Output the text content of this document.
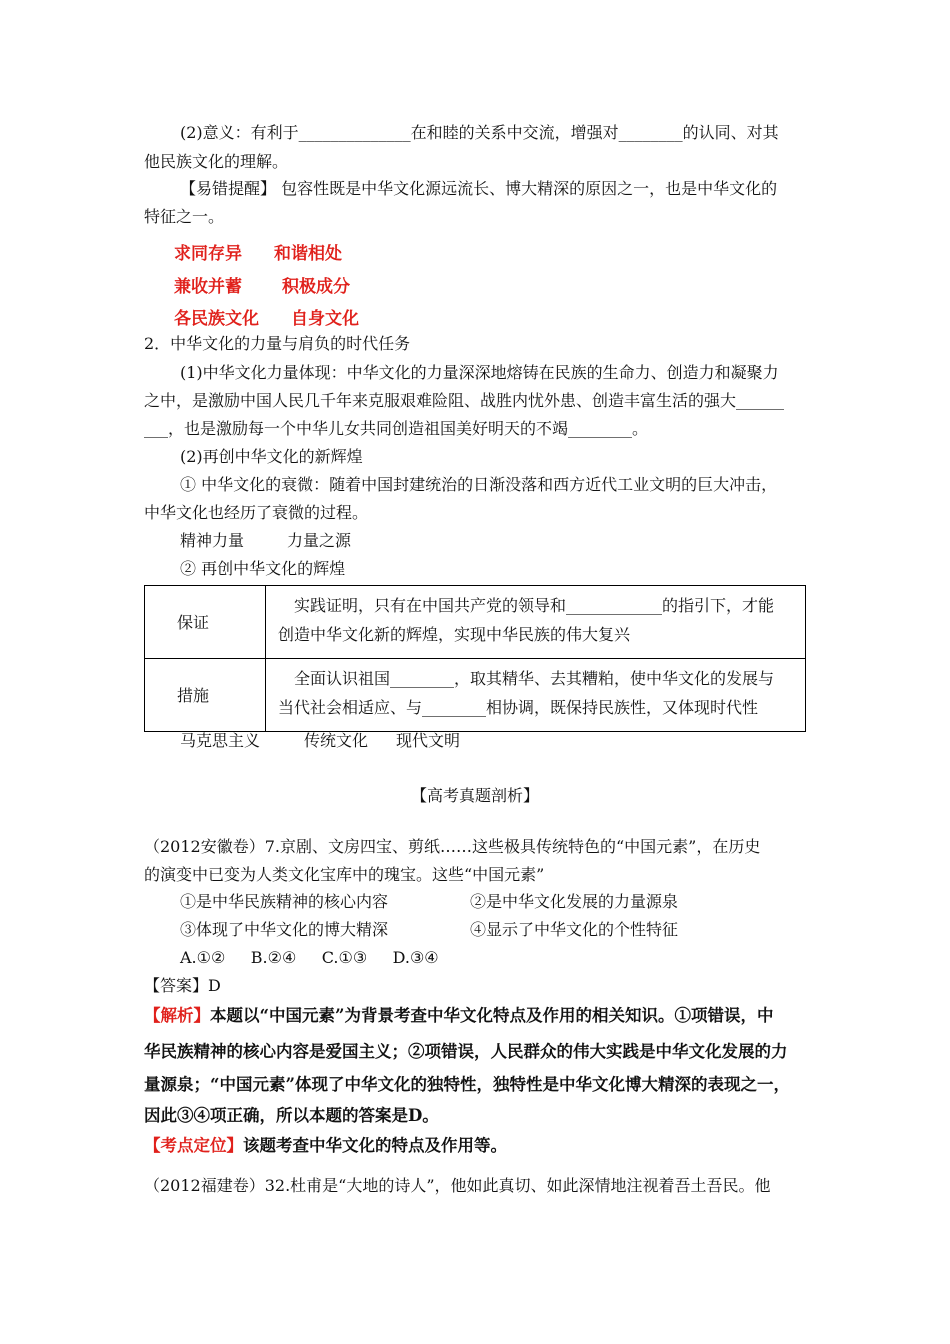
(2)意义：有利于______________在和睦的关系中交流，增强对________的认同、对其
他民族文化的理解。
【易错提醒】 包容性既是中华文化源远流长、博大精深的原因之一，也是中华文化的
特征之一。
求同存异 和谐相处
兼收并蓄 积极成分
各民族文化 自身文化
2．中华文化的力量与肩负的时代任务
(1)中华文化力量体现：中华文化的力量深深地熔铸在民族的生命力、创造力和凝聚力
之中，是激励中国人民几千年来克服艰难险阻、战胜内忧外患、创造丰富生活的强大______
___，也是激励每一个中华儿女共同创造祖国美好明天的不竭________。
(2)再创中华文化的新辉煌
① 中华文化的衰微：随着中国封建统治的日渐没落和西方近代工业文明的巨大冲击，
中华文化也经历了衰微的过程。
精神力量	力量之源
② 再创中华文化的辉煌
保证	实践证明，只有在中国共产党的领导和____________的指引下，才能
创造中华文化新的辉煌，实现中华民族的伟大复兴

措施	全面认识祖国________，取其精华、去其糟粕，使中华文化的发展与
当代社会相适应、与________相协调，既保持民族性，又体现时代性
马克思主义	传统文化 现代文明
【高考真题剖析】
（2012安徽卷）7.京剧、文房四宝、剪纸……这些极具传统特色的“中国元素”，在历史
的演变中已变为人类文化宝库中的瑰宝。这些“中国元素”
①是中华民族精神的核心内容	②是中华文化发展的力量源泉
③体现了中华文化的博大精深	④显示了中华文化的个性特征
A.①②     B.②④     C.①③     D.③④
【答案】D
【解析】本题以“中国元素”为背景考查中华文化特点及作用的相关知识。①项错误，中
华民族精神的核心内容是爱国主义；②项错误，人民群众的伟大实践是中华文化发展的力
量源泉；“中国元素”体现了中华文化的独特性，独特性是中华文化博大精深的表现之一，
因此③④项正确，所以本题的答案是D。
【考点定位】该题考查中华文化的特点及作用等。
（2012福建卷）32.杜甫是“大地的诗人”，他如此真切、如此深情地注视着吾土吾民。他
